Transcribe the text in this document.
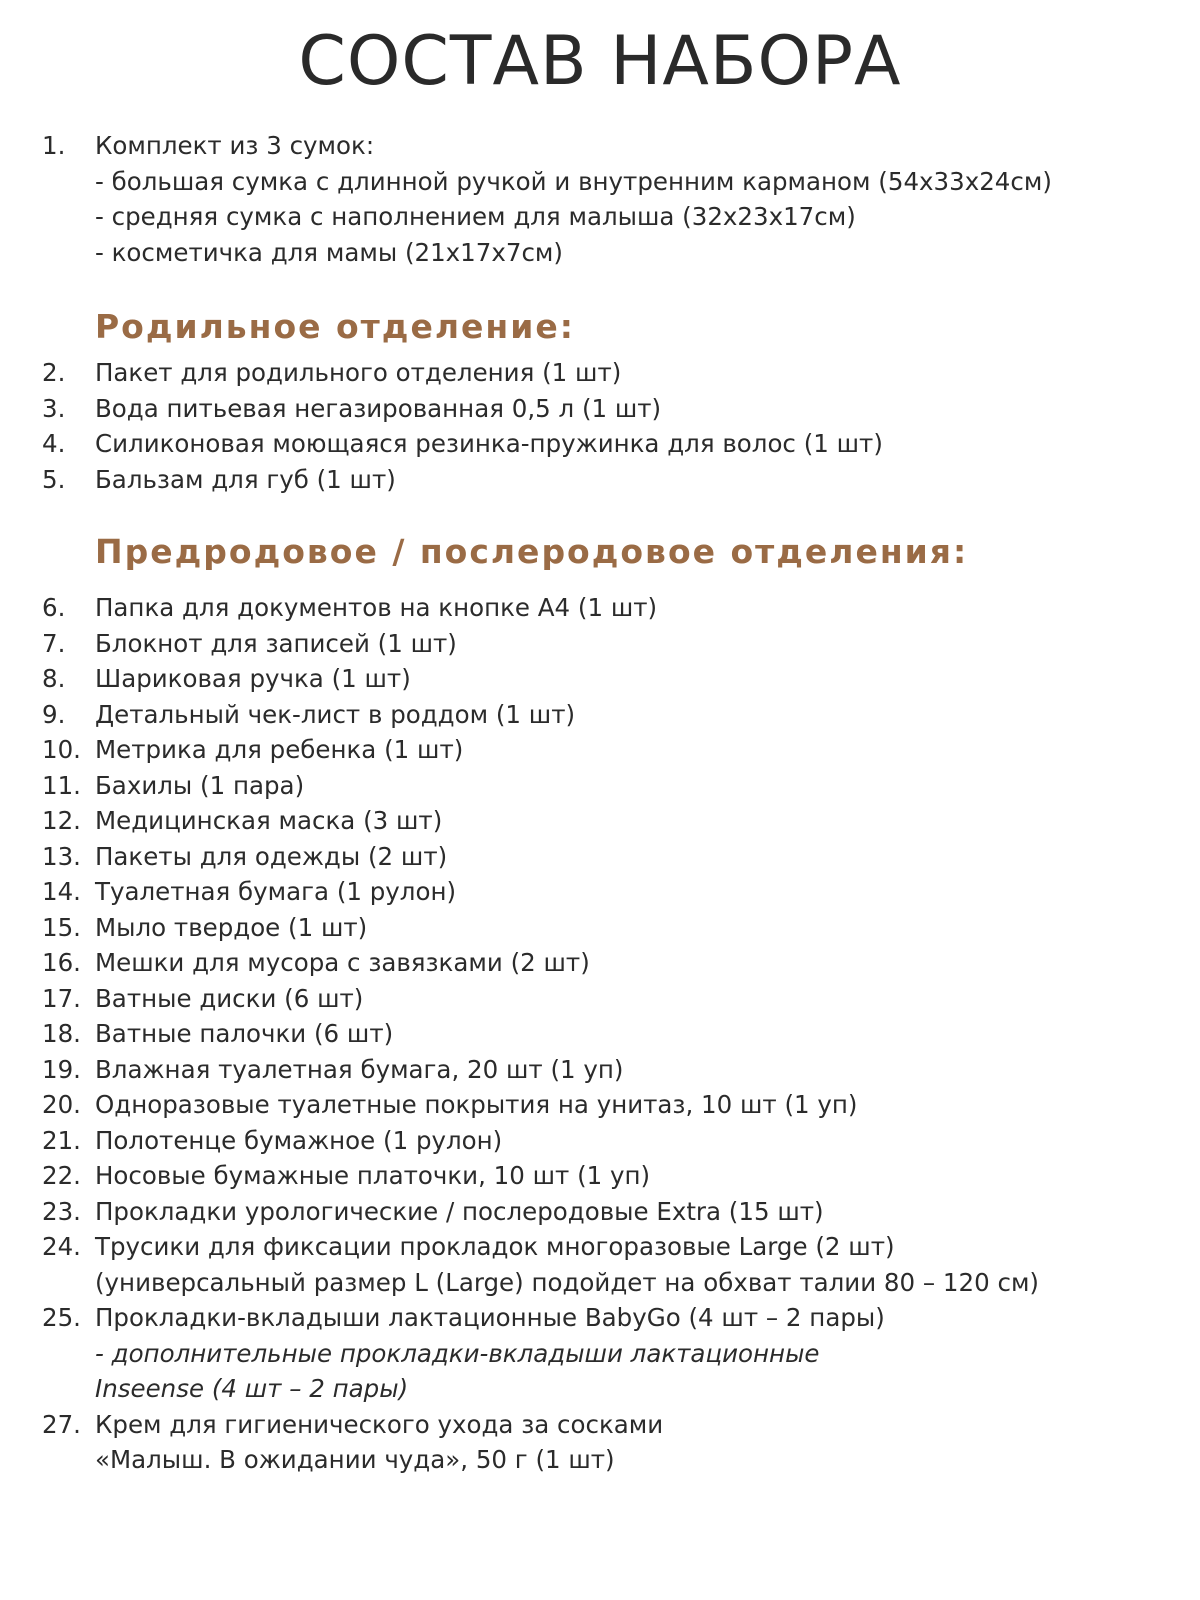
СОСТАВ НАБОРА
1.	Комплект из 3 сумок:
- большая сумка с длинной ручкой и внутренним карманом (54х33х24см)
- средняя сумка с наполнением для малыша (32х23х17см)
- косметичка для мамы (21х17х7см)
Родильное отделение:
2.	Пакет для родильного отделения (1 шт)
3.	Вода питьевая негазированная 0,5 л (1 шт)
4.	Силиконовая моющаяся резинка-пружинка для волос (1 шт)
5.	Бальзам для губ (1 шт)
Предродовое / послеродовое отделения:
6.	Папка для документов на кнопке А4 (1 шт)
7.	Блокнот для записей (1 шт)
8.	Шариковая ручка (1 шт)
9.	Детальный чек-лист в роддом (1 шт)
10. Метрика для ребенка (1 шт)
11. Бахилы (1 пара)
12. Медицинская маска (3 шт)
13. Пакеты для одежды (2 шт)
14. Туалетная бумага (1 рулон)
15. Мыло твердое (1 шт)
16. Мешки для мусора с завязками (2 шт)
17. Ватные диски (6 шт)
18. Ватные палочки (6 шт)
19. Влажная туалетная бумага, 20 шт (1 уп)
20. Одноразовые туалетные покрытия на унитаз, 10 шт (1 уп)
21. Полотенце бумажное (1 рулон)
22. Носовые бумажные платочки, 10 шт (1 уп)
23. Прокладки урологические / послеродовые Extra (15 шт)
24. Трусики для фиксации прокладок многоразовые Large (2 шт)
(универсальный размер L (Large) подойдет на обхват талии 80 – 120 см)
25. Прокладки-вкладыши лактационные BabyGo (4 шт – 2 пары)
- дополнительные прокладки-вкладыши лактационные
Inseense (4 шт – 2 пары)
27. Крем для гигиенического ухода за сосками
«Малыш. В ожидании чуда», 50 г (1 шт)
